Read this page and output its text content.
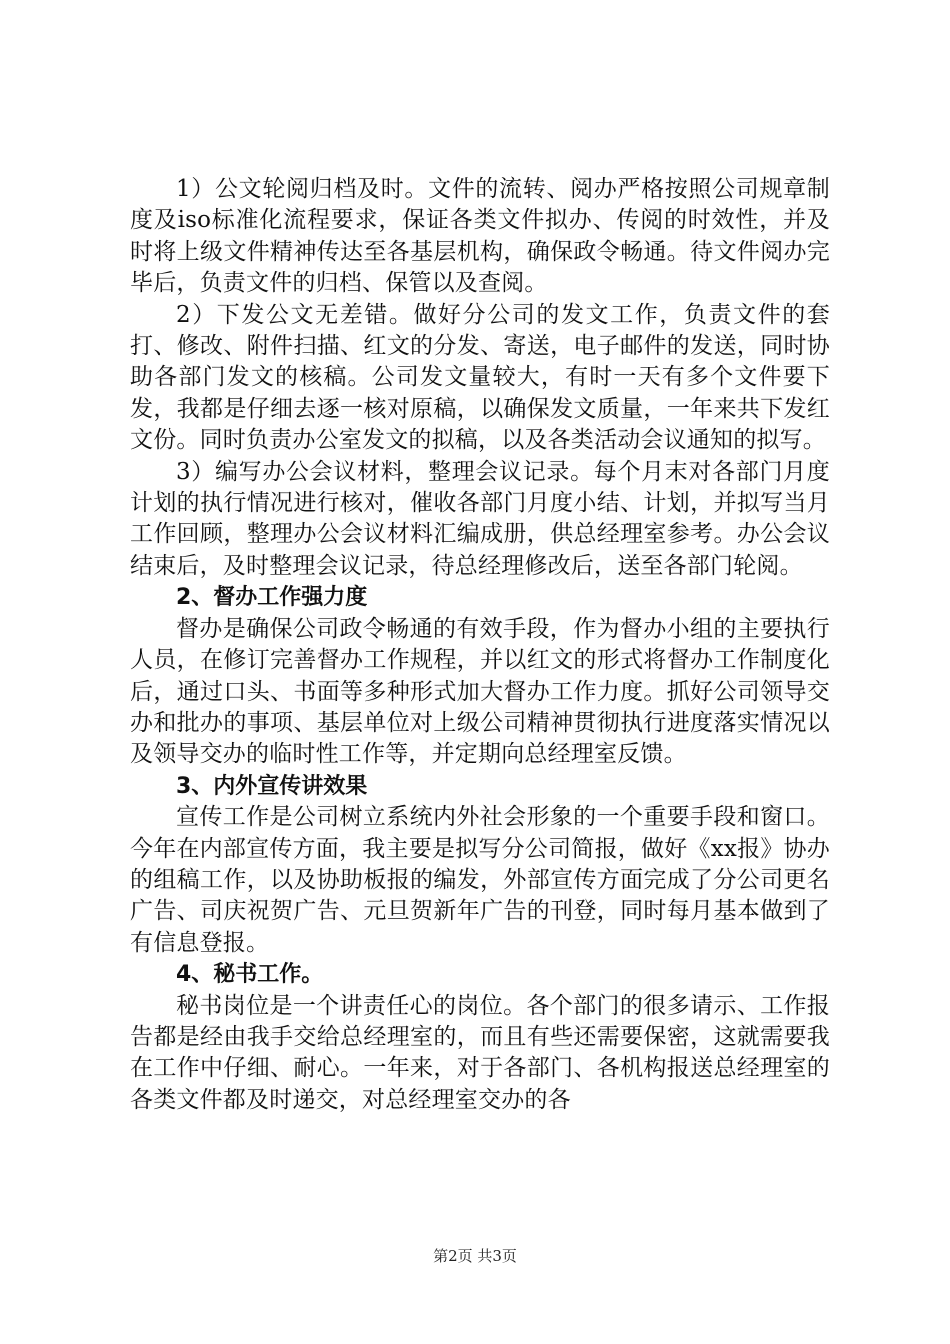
1）公文轮阅归档及时。文件的流转、阅办严格按照公司规章制度及iso标准化流程要求，保证各类文件拟办、传阅的时效性，并及时将上级文件精神传达至各基层机构，确保政令畅通。待文件阅办完毕后，负责文件的归档、保管以及查阅。

2）下发公文无差错。做好分公司的发文工作，负责文件的套打、修改、附件扫描、红文的分发、寄送，电子邮件的发送，同时协助各部门发文的核稿。公司发文量较大，有时一天有多个文件要下发，我都是仔细去逐一核对原稿，以确保发文质量，一年来共下发红文份。同时负责办公室发文的拟稿，以及各类活动会议通知的拟写。

3）编写办公会议材料，整理会议记录。每个月末对各部门月度计划的执行情况进行核对，催收各部门月度小结、计划，并拟写当月工作回顾，整理办公会议材料汇编成册，供总经理室参考。办公会议结束后，及时整理会议记录，待总经理修改后，送至各部门轮阅。

2、督办工作强力度

督办是确保公司政令畅通的有效手段，作为督办小组的主要执行人员，在修订完善督办工作规程，并以红文的形式将督办工作制度化后，通过口头、书面等多种形式加大督办工作力度。抓好公司领导交办和批办的事项、基层单位对上级公司精神贯彻执行进度落实情况以及领导交办的临时性工作等，并定期向总经理室反馈。

3、内外宣传讲效果

宣传工作是公司树立系统内外社会形象的一个重要手段和窗口。今年在内部宣传方面，我主要是拟写分公司简报，做好《xx报》协办的组稿工作，以及协助板报的编发，外部宣传方面完成了分公司更名广告、司庆祝贺广告、元旦贺新年广告的刊登，同时每月基本做到了有信息登报。

4、秘书工作。

秘书岗位是一个讲责任心的岗位。各个部门的很多请示、工作报告都是经由我手交给总经理室的，而且有些还需要保密，这就需要我在工作中仔细、耐心。一年来，对于各部门、各机构报送总经理室的各类文件都及时递交，对总经理室交办的各

第2页 共3页
